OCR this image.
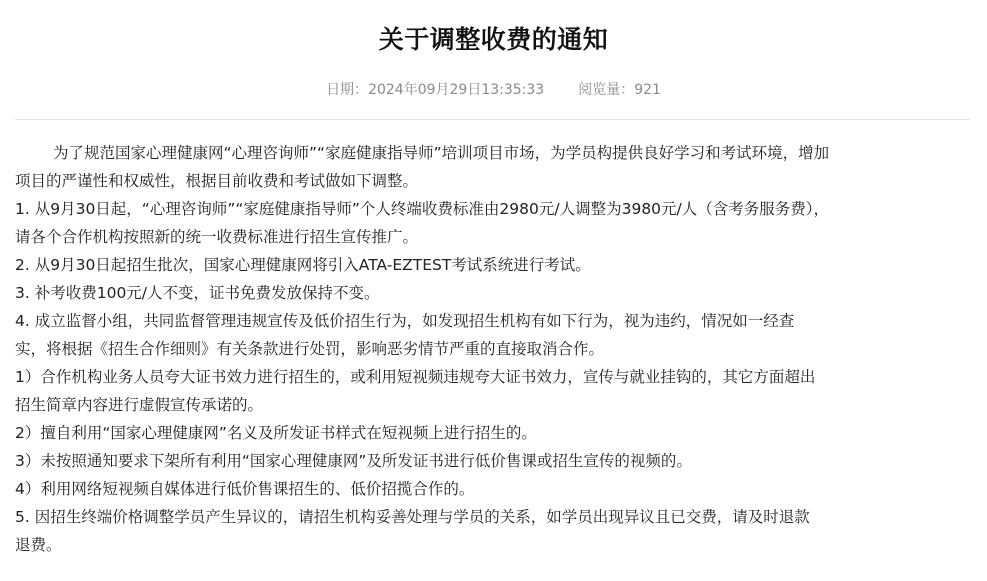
关于调整收费的通知
日期：2024年09月29日13:35:33 阅览量：921

为了规范国家心理健康网“心理咨询师”“家庭健康指导师”培训项目市场，为学员构提供良好学习和考试环境，增加

项目的严谨性和权威性，根据目前收费和考试做如下调整。

1. 从9月30日起，“心理咨询师”“家庭健康指导师”个人终端收费标准由2980元/人调整为3980元/人（含考务服务费），

请各个合作机构按照新的统一收费标准进行招生宣传推广。

2. 从9月30日起招生批次，国家心理健康网将引入ATA-EZTEST考试系统进行考试。

3. 补考收费100元/人不变，证书免费发放保持不变。

4. 成立监督小组，共同监督管理违规宣传及低价招生行为，如发现招生机构有如下行为，视为违约，情况如一经查

实，将根据《招生合作细则》有关条款进行处罚，影响恶劣情节严重的直接取消合作。

1）合作机构业务人员夸大证书效力进行招生的，或利用短视频违规夸大证书效力，宣传与就业挂钩的，其它方面超出

招生简章内容进行虚假宣传承诺的。

2）擅自利用“国家心理健康网”名义及所发证书样式在短视频上进行招生的。

3）未按照通知要求下架所有利用“国家心理健康网”及所发证书进行低价售课或招生宣传的视频的。

4）利用网络短视频自媒体进行低价售课招生的、低价招揽合作的。

5. 因招生终端价格调整学员产生异议的，请招生机构妥善处理与学员的关系，如学员出现异议且已交费，请及时退款

退费。
